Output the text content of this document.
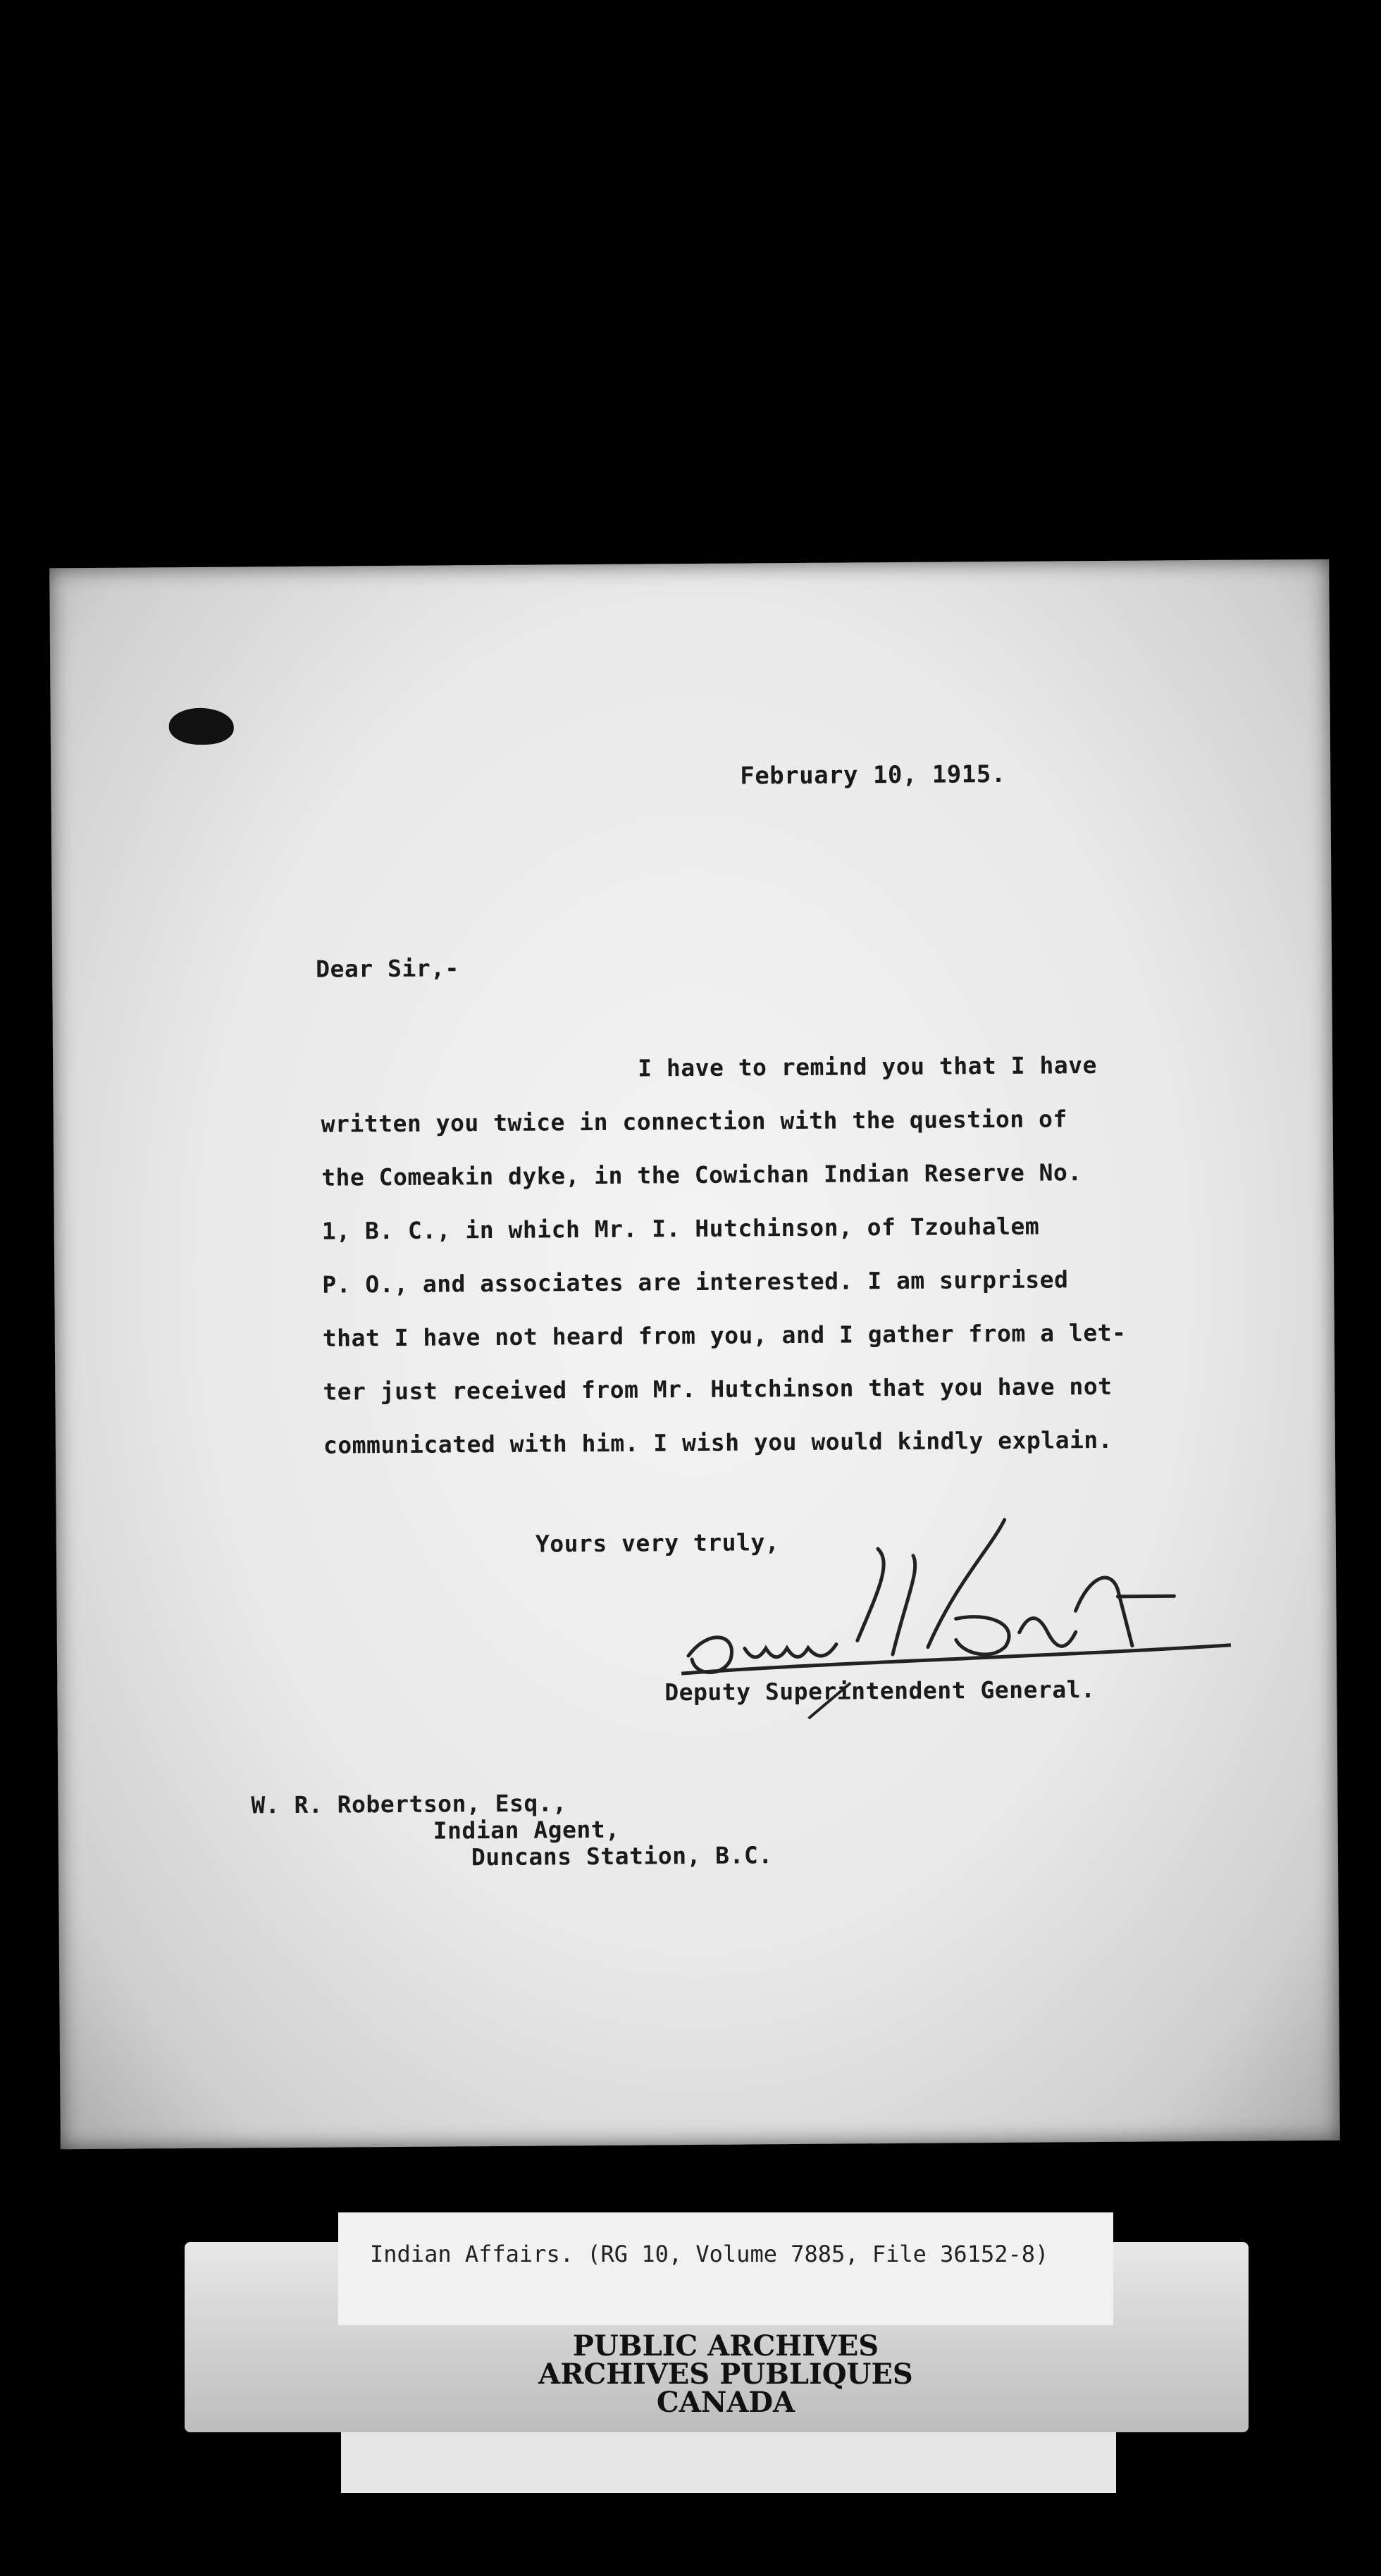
February 10, 1915.
Dear Sir,-
I have to remind you that I have
written you twice in connection with the question of
the Comeakin dyke, in the Cowichan Indian Reserve No.
1, B. C., in which Mr. I. Hutchinson, of Tzouhalem
P. O., and associates are interested. I am surprised
that I have not heard from you, and I gather from a let-
ter just received from Mr. Hutchinson that you have not
communicated with him. I wish you would kindly explain.
Yours very truly,
Deputy Superintendent General.
W. R. Robertson, Esq.,
Indian Agent,
Duncans Station, B.C.
Indian Affairs. (RG 10, Volume 7885, File 36152-8)
PUBLIC ARCHIVES
ARCHIVES PUBLIQUES
CANADA
